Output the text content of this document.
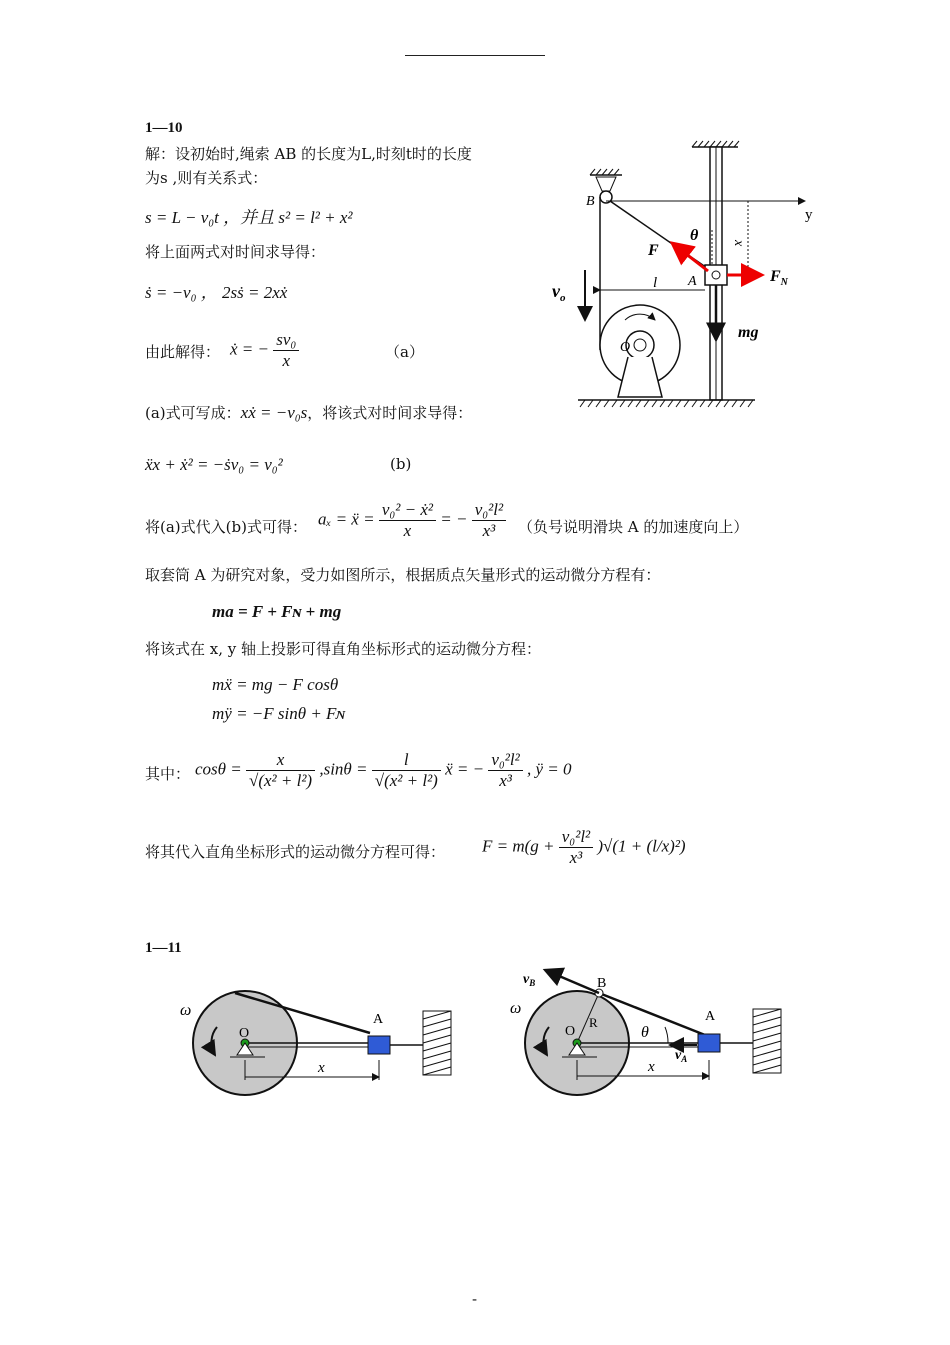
1—10
解：设初始时,绳索 AB 的长度为L,时刻t时的长度
为s ,则有关系式：
s = L − v₀t ，并且 s² = l² + x²
将上面两式对时间求导得：
ṡ = −v₀ ， 2sṡ = 2xẋ
由此解得： ẋ = − $\frac{\text{sv₀}}{x}$	（a）
(a)式可写成：xẋ = −v₀s，将该式对时间求导得：
ẍx + ẋ² = −ṡv₀ = v₀²	(b)
将(a)式代入(b)式可得： aₓ = ẍ = $\frac{\text{v₀² − ẋ²}}{x}$ = − $\frac{\text{v₀²l²}}{\text{x³}}$ （负号说明滑块 A 的加速度向上）
取套筒 A 为研究对象，受力如图所示，根据质点矢量形式的运动微分方程有：
ma = F + Fɴ + mg
将该式在 x, y 轴上投影可得直角坐标形式的运动微分方程：
mẍ = mg − F cosθ
mÿ = −F sinθ + Fɴ
其中： $\cos\theta = \frac{x}{\text{√(x² + l²)}} ,\sin\theta = \frac{l}{\text{√(x² + l²)}}$ ẍ = − $\frac{\text{v₀²l²}}{\text{x³}}$ , ÿ = 0
将其代入直角坐标形式的运动微分方程可得： $F = m(g + \frac{\text{v₀²l²}}{\text{x³}} )√(1 + (l/x)^2)$
B
y
x
A
θ
F
$F_N$
mg
l
$v_o$
O
1—11
ω
O
A
x
ω
O
R
B
A
θ
$v_B$
$v_A$
x
-
